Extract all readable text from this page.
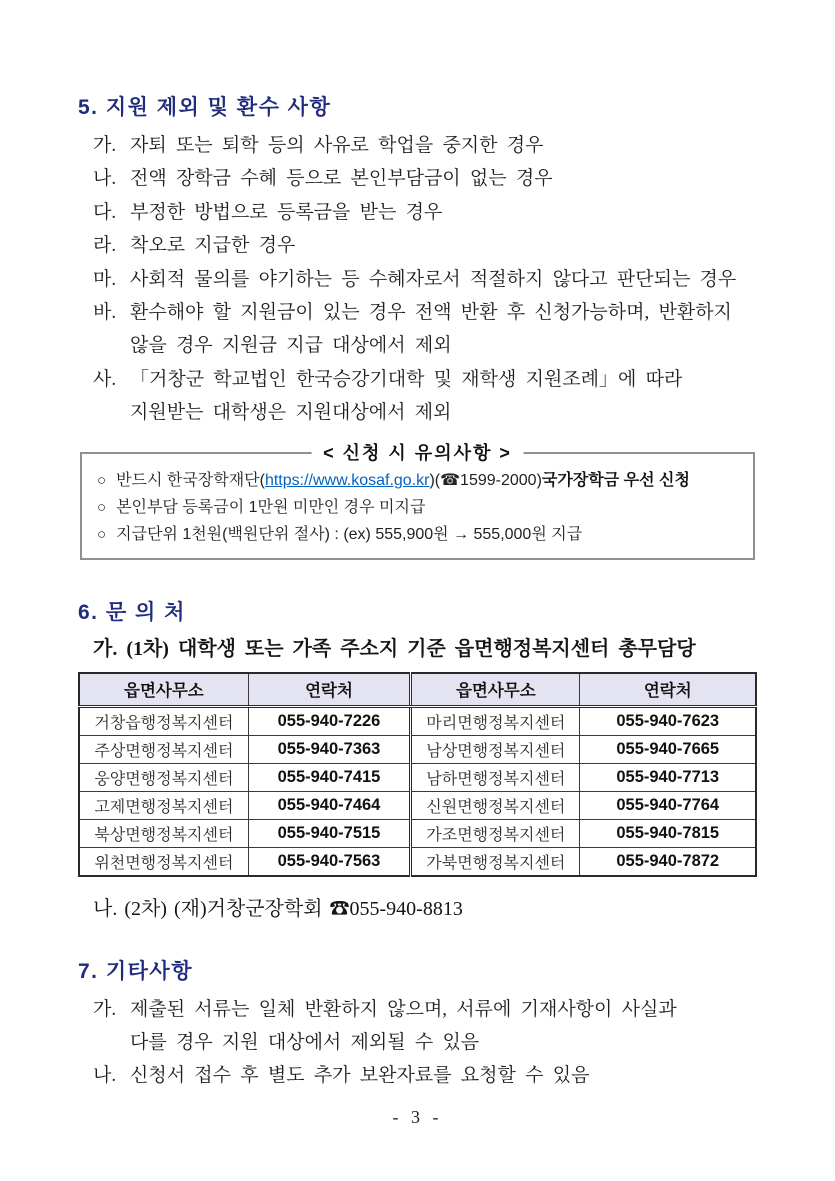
5. 지원 제외 및 환수 사항
가. 자퇴 또는 퇴학 등의 사유로 학업을 중지한 경우
나. 전액 장학금 수혜 등으로 본인부담금이 없는 경우
다. 부정한 방법으로 등록금을 받는 경우
라. 착오로 지급한 경우
마. 사회적 물의를 야기하는 등 수혜자로서 적절하지 않다고 판단되는 경우
바. 환수해야 할 지원금이 있는 경우 전액 반환 후 신청가능하며, 반환하지
않을 경우 지원금 지급 대상에서 제외
사. 「거창군 학교법인 한국승강기대학 및 재학생 지원조례」에 따라
지원받는 대학생은 지원대상에서 제외
< 신청 시 유의사항 >
○ 반드시 한국장학재단(https://www.kosaf.go.kr)(☎1599-2000)국가장학금 우선 신청
○ 본인부담 등록금이 1만원 미만인 경우 미지급
○ 지급단위 1천원(백원단위 절사) : (ex) 555,900원 → 555,000원 지급
6. 문 의 처
가. (1차) 대학생 또는 가족 주소지 기준 읍면행정복지센터 총무담당
읍면사무소	연락처	읍면사무소	연락처
거창읍행정복지센터	055-940-7226	마리면행정복지센터	055-940-7623
주상면행정복지센터	055-940-7363	남상면행정복지센터	055-940-7665
웅양면행정복지센터	055-940-7415	남하면행정복지센터	055-940-7713
고제면행정복지센터	055-940-7464	신원면행정복지센터	055-940-7764
북상면행정복지센터	055-940-7515	가조면행정복지센터	055-940-7815
위천면행정복지센터	055-940-7563	가북면행정복지센터	055-940-7872
나. (2차) (재)거창군장학회 ☎055-940-8813
7. 기타사항
가. 제출된 서류는 일체 반환하지 않으며, 서류에 기재사항이 사실과
다를 경우 지원 대상에서 제외될 수 있음
나. 신청서 접수 후 별도 추가 보완자료를 요청할 수 있음
- 3 -
